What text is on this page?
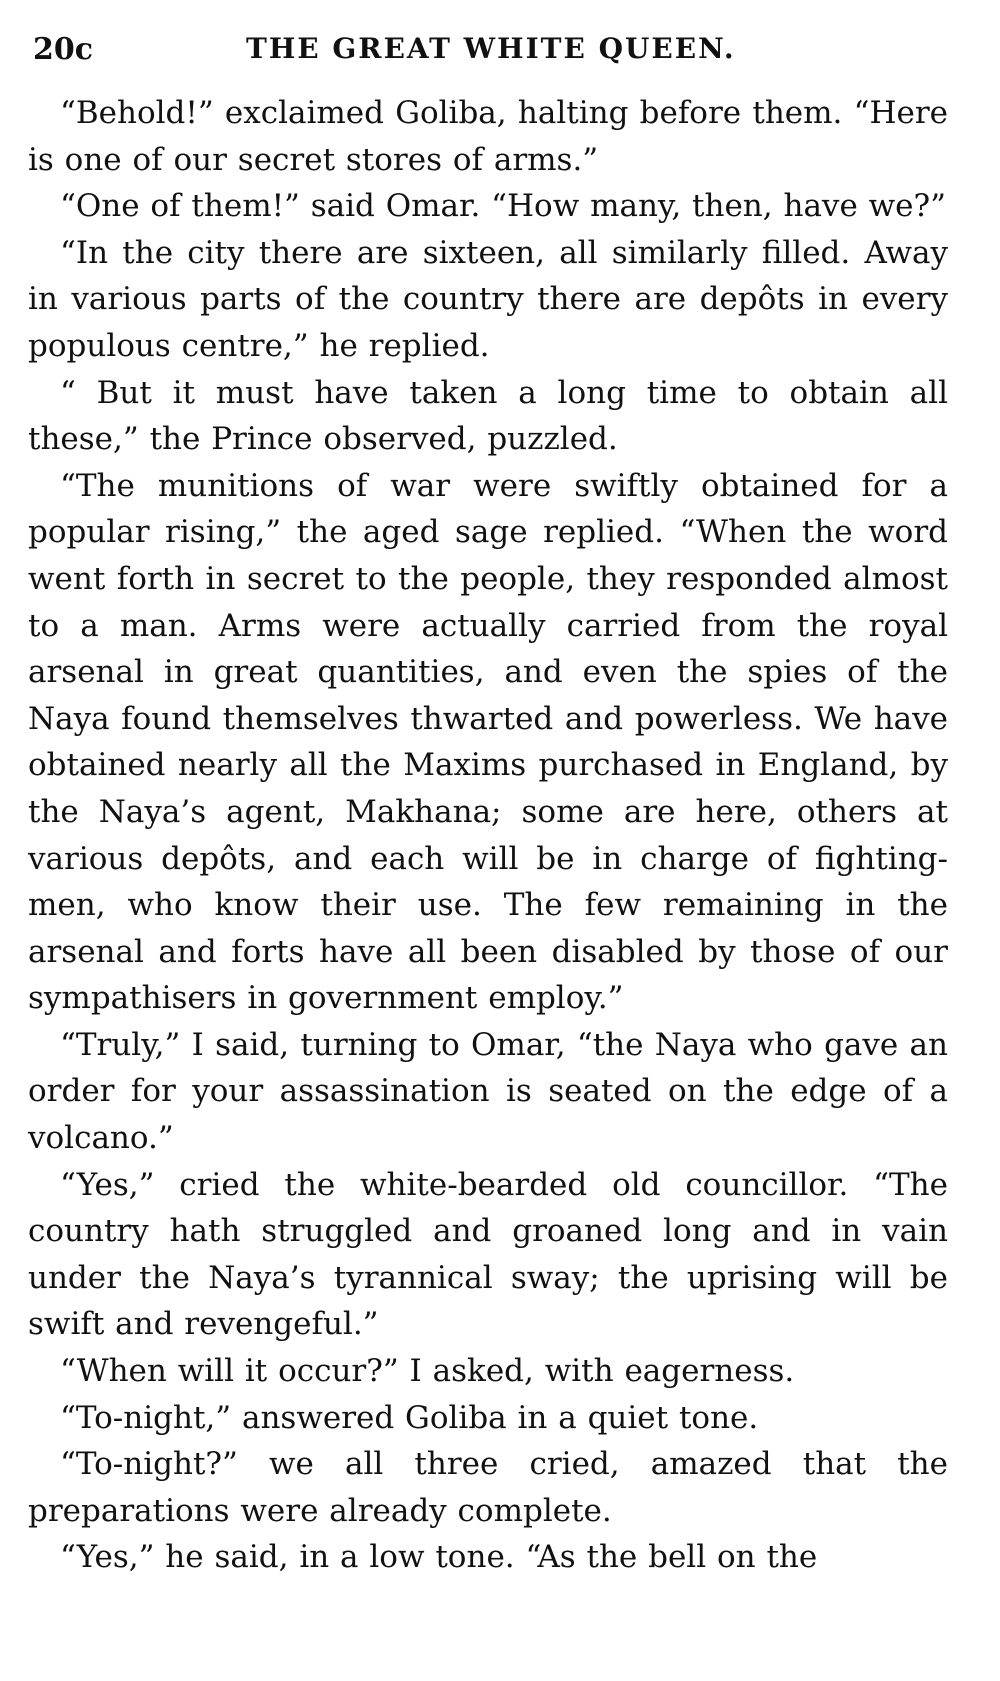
20с	THE GREAT WHITE QUEEN.

“Behold!” exclaimed Goliba, halting before them. “Here is one of our secret stores of arms.”

“One of them!” said Omar. “How many, then, have we?”

“In the city there are sixteen, all similarly filled. Away in various parts of the country there are depôts in every populous centre,” he replied.

“ But it must have taken a long time to obtain all these,” the Prince observed, puzzled.

“The munitions of war were swiftly obtained for a popular rising,” the aged sage replied. “When the word went forth in secret to the people, they responded almost to a man. Arms were actually carried from the royal arsenal in great quantities, and even the spies of the Naya found themselves thwarted and powerless. We have obtained nearly all the Maxims purchased in England, by the Naya’s agent, Makhana; some are here, others at various depôts, and each will be in charge of fighting-men, who know their use. The few remaining in the arsenal and forts have all been disabled by those of our sympathisers in government employ.”

“Truly,” I said, turning to Omar, “the Naya who gave an order for your assassination is seated on the edge of a volcano.”

“Yes,” cried the white-bearded old councillor. “The country hath struggled and groaned long and in vain under the Naya’s tyrannical sway; the uprising will be swift and revengeful.”

“When will it occur?” I asked, with eagerness.

“To-night,” answered Goliba in a quiet tone.

“To-night?” we all three cried, amazed that the preparations were already complete.

“Yes,” he said, in a low tone. “As the bell on the
